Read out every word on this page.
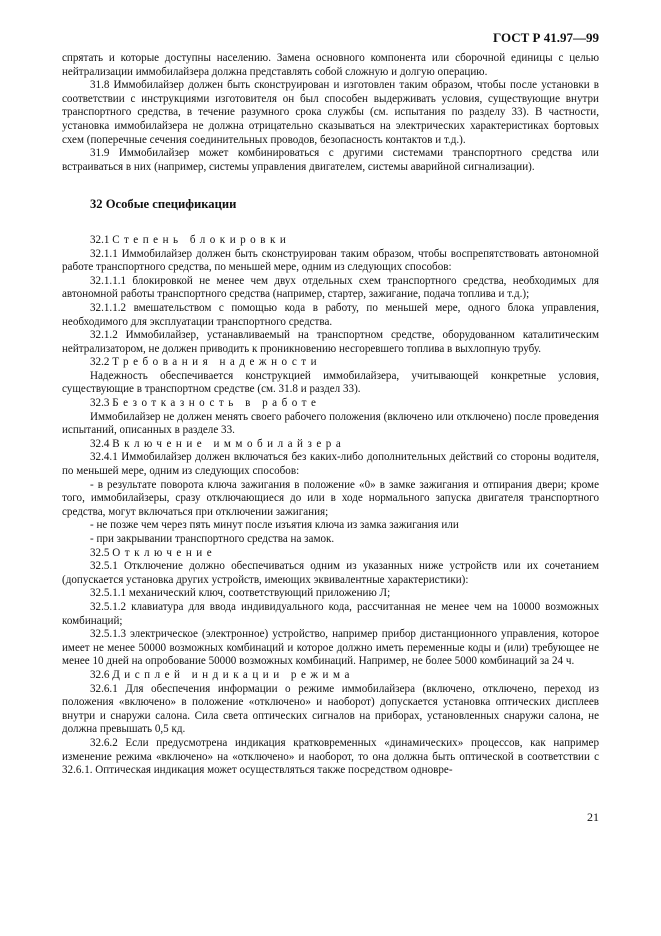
ГОСТ Р 41.97—99

спрятать и которые доступны населению. Замена основного компонента или сборочной единицы с целью нейтрализации иммобилайзера должна представлять собой сложную и долгую операцию.

31.8 Иммобилайзер должен быть сконструирован и изготовлен таким образом, чтобы после установки в соответствии с инструкциями изготовителя он был способен выдерживать условия, существующие внутри транспортного средства, в течение разумного срока службы (см. испытания по разделу 33). В частности, установка иммобилайзера не должна отрицательно сказываться на электрических характеристиках бортовых схем (поперечные сечения соединительных проводов, безопасность контактов и т.д.).

31.9 Иммобилайзер может комбинироваться с другими системами транспортного средства или встраиваться в них (например, системы управления двигателем, системы аварийной сигнализации).

32 Особые спецификации

32.1 Степень блокировки

32.1.1 Иммобилайзер должен быть сконструирован таким образом, чтобы воспрепятствовать автономной работе транспортного средства, по меньшей мере, одним из следующих способов:

32.1.1.1 блокировкой не менее чем двух отдельных схем транспортного средства, необходимых для автономной работы транспортного средства (например, стартер, зажигание, подача топлива и т.д.);

32.1.1.2 вмешательством с помощью кода в работу, по меньшей мере, одного блока управления, необходимого для эксплуатации транспортного средства.

32.1.2 Иммобилайзер, устанавливаемый на транспортном средстве, оборудованном каталитическим нейтрализатором, не должен приводить к проникновению несгоревшего топлива в выхлопную трубу.

32.2 Требования надежности

Надежность обеспечивается конструкцией иммобилайзера, учитывающей конкретные условия, существующие в транспортном средстве (см. 31.8 и раздел 33).

32.3 Безотказность в работе

Иммобилайзер не должен менять своего рабочего положения (включено или отключено) после проведения испытаний, описанных в разделе 33.

32.4 Включение иммобилайзера

32.4.1 Иммобилайзер должен включаться без каких-либо дополнительных действий со стороны водителя, по меньшей мере, одним из следующих способов:

- в результате поворота ключа зажигания в положение «0» в замке зажигания и отпирания двери; кроме того, иммобилайзеры, сразу отключающиеся до или в ходе нормального запуска двигателя транспортного средства, могут включаться при отключении зажигания;

- не позже чем через пять минут после изъятия ключа из замка зажигания или

- при закрывании транспортного средства на замок.

32.5 Отключение

32.5.1 Отключение должно обеспечиваться одним из указанных ниже устройств или их сочетанием (допускается установка других устройств, имеющих эквивалентные характеристики):

32.5.1.1 механический ключ, соответствующий приложению Л;

32.5.1.2 клавиатура для ввода индивидуального кода, рассчитанная не менее чем на 10000 возможных комбинаций;

32.5.1.3 электрическое (электронное) устройство, например прибор дистанционного управления, которое имеет не менее 50000 возможных комбинаций и которое должно иметь переменные коды и (или) требующее не менее 10 дней на опробование 50000 возможных комбинаций. Например, не более 5000 комбинаций за 24 ч.

32.6 Дисплей индикации режима

32.6.1 Для обеспечения информации о режиме иммобилайзера (включено, отключено, переход из положения «включено» в положение «отключено» и наоборот) допускается установка оптических дисплеев внутри и снаружи салона. Сила света оптических сигналов на приборах, установленных снаружи салона, не должна превышать 0,5 кд.

32.6.2 Если предусмотрена индикация кратковременных «динамических» процессов, как например изменение режима «включено» на «отключено» и наоборот, то она должна быть оптической в соответствии с 32.6.1. Оптическая индикация может осуществляться также посредством одновре-

21
